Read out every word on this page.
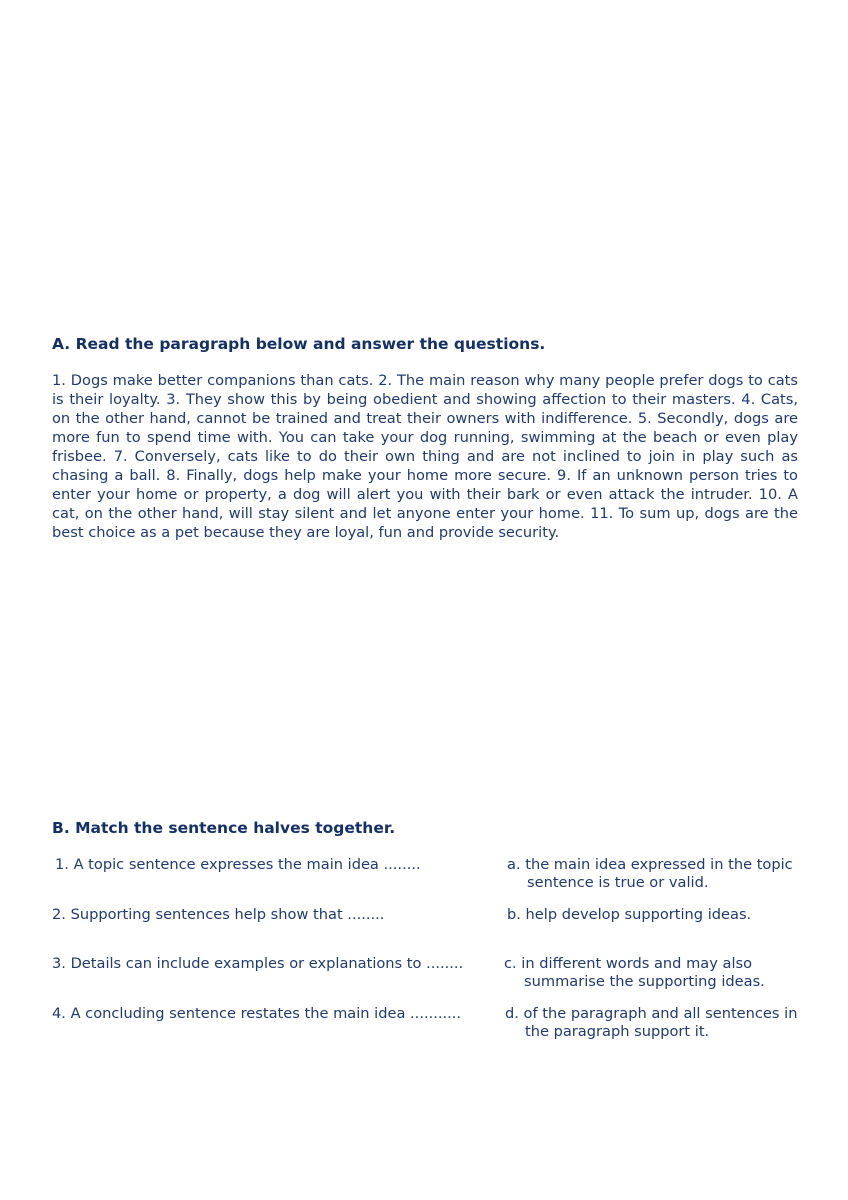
A. Read the paragraph below and answer the questions.

1. Dogs make better companions than cats. 2. The main reason why many people prefer dogs to cats is their loyalty. 3. They show this by being obedient and showing affection to their masters. 4. Cats, on the other hand, cannot be trained and treat their owners with indifference. 5. Secondly, dogs are more fun to spend time with. You can take your dog running, swimming at the beach or even play frisbee. 7. Conversely, cats like to do their own thing and are not inclined to join in play such as chasing a ball. 8. Finally, dogs help make your home more secure. 9. If an unknown person tries to enter your home or property, a dog will alert you with their bark or even attack the intruder. 10. A cat, on the other hand, will stay silent and let anyone enter your home. 11. To sum up, dogs are the best choice as a pet because they are loyal, fun and provide security.

B. Match the sentence halves together.
1. A topic sentence expresses the main idea ........	a. the main idea expressed in the topic sentence is true or valid.
2. Supporting sentences help show that ........	b. help develop supporting ideas.
3. Details can include examples or explanations to ........	c. in different words and may also summarise the supporting ideas.
4. A concluding sentence restates the main idea ...........	d. of the paragraph and all sentences in the paragraph support it.
